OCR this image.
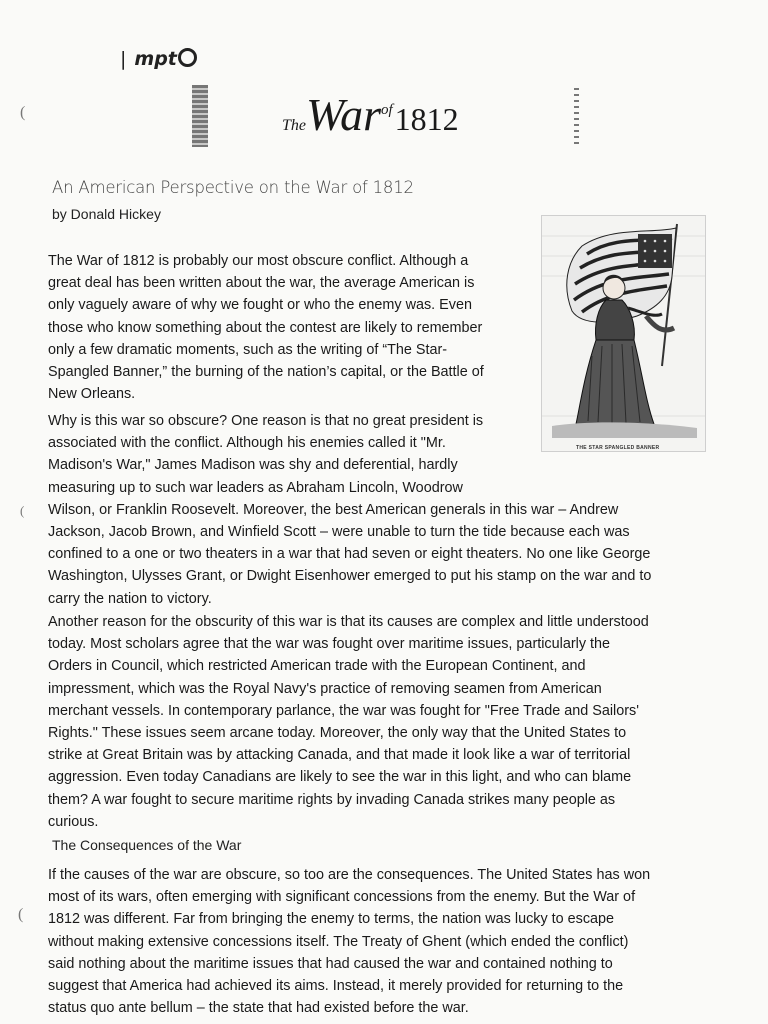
| mpt
TheWarof1812
(
(
(
An American Perspective on the War of 1812
by Donald Hickey
THE STAR SPANGLED BANNER
The War of 1812 is probably our most obscure conflict. Although a
great deal has been written about the war, the average American is
only vaguely aware of why we fought or who the enemy was. Even
those who know something about the contest are likely to remember
only a few dramatic moments, such as the writing of “The Star-
Spangled Banner,” the burning of the nation’s capital, or the Battle of
New Orleans.
Why is this war so obscure? One reason is that no great president is
associated with the conflict. Although his enemies called it "Mr.
Madison's War," James Madison was shy and deferential, hardly
measuring up to such war leaders as Abraham Lincoln, Woodrow
Wilson, or Franklin Roosevelt. Moreover, the best American generals in this war – Andrew
Jackson, Jacob Brown, and Winfield Scott – were unable to turn the tide because each was
confined to a one or two theaters in a war that had seven or eight theaters. No one like George
Washington, Ulysses Grant, or Dwight Eisenhower emerged to put his stamp on the war and to
carry the nation to victory.
Another reason for the obscurity of this war is that its causes are complex and little understood
today. Most scholars agree that the war was fought over maritime issues, particularly the
Orders in Council, which restricted American trade with the European Continent, and
impressment, which was the Royal Navy's practice of removing seamen from American
merchant vessels. In contemporary parlance, the war was fought for "Free Trade and Sailors'
Rights." These issues seem arcane today. Moreover, the only way that the United States to
strike at Great Britain was by attacking Canada, and that made it look like a war of territorial
aggression. Even today Canadians are likely to see the war in this light, and who can blame
them? A war fought to secure maritime rights by invading Canada strikes many people as
curious.
The Consequences of the War
If the causes of the war are obscure, so too are the consequences. The United States has won
most of its wars, often emerging with significant concessions from the enemy. But the War of
1812 was different. Far from bringing the enemy to terms, the nation was lucky to escape
without making extensive concessions itself. The Treaty of Ghent (which ended the conflict)
said nothing about the maritime issues that had caused the war and contained nothing to
suggest that America had achieved its aims. Instead, it merely provided for returning to the
status quo ante bellum – the state that had existed before the war.
